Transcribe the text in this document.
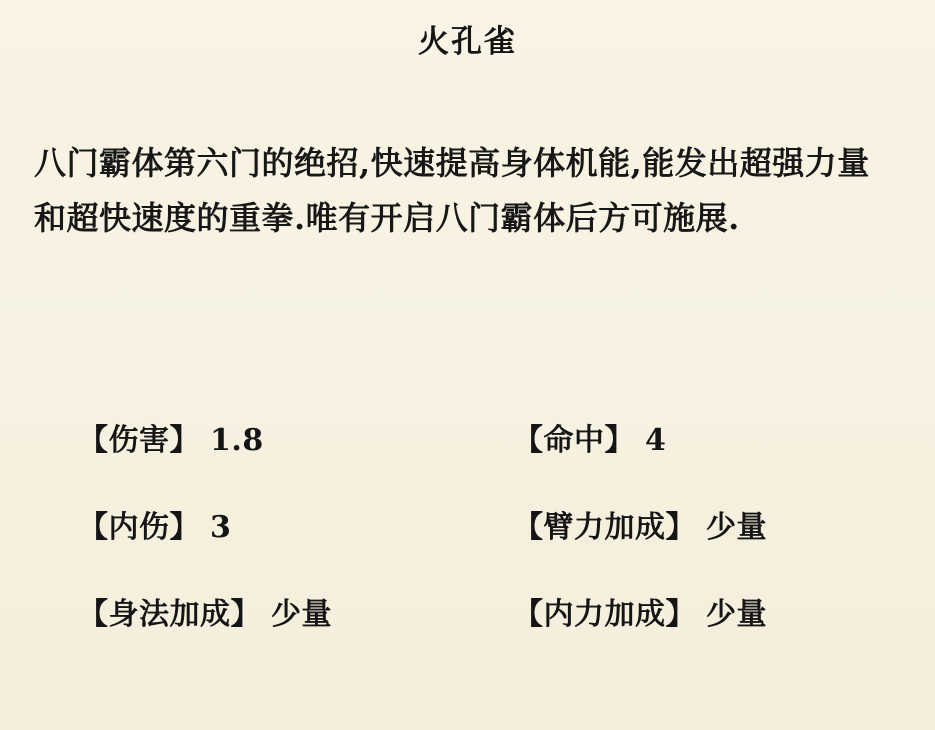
火孔雀
八门霸体第六门的绝招,快速提高身体机能,能发出超强力量和超快速度的重拳.唯有开启八门霸体后方可施展.
【伤害】 1.8	【命中】 4
【内伤】 3	【臂力加成】 少量
【身法加成】 少量	【内力加成】 少量
